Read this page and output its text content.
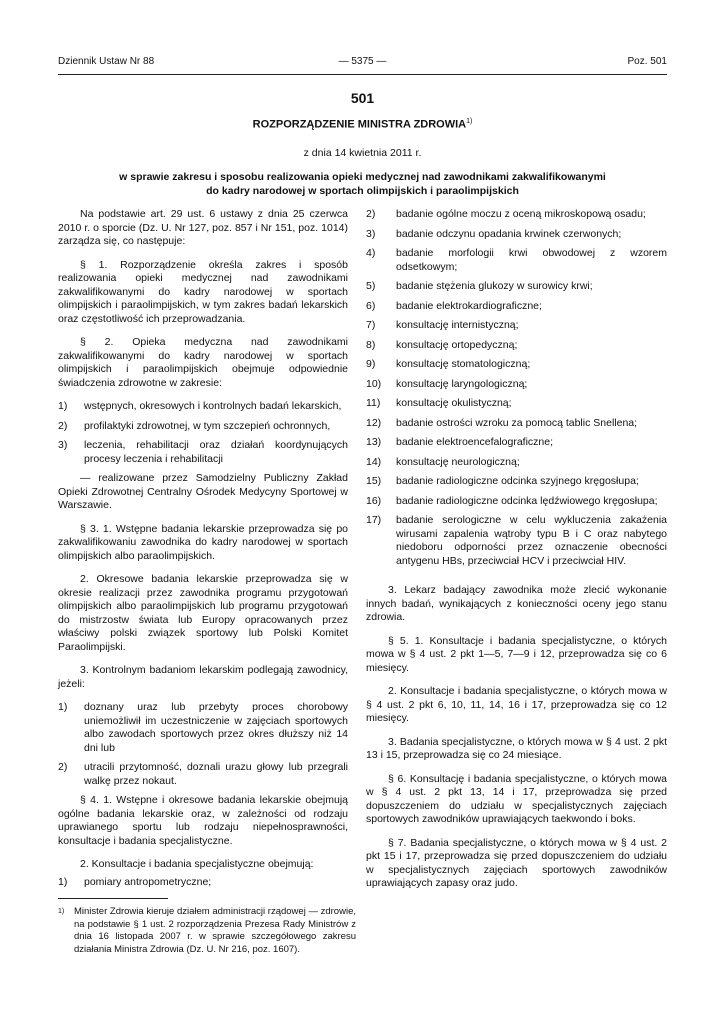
Dziennik Ustaw Nr 88	— 5375 —	Poz. 501
501
ROZPORZĄDZENIE MINISTRA ZDROWIA$^{1)}$
z dnia 14 kwietnia 2011 r.
w sprawie zakresu i sposobu realizowania opieki medycznej nad zawodnikami zakwalifikowanymi
do kadry narodowej w sportach olimpijskich i paraolimpijskich

Na podstawie art. 29 ust. 6 ustawy z dnia 25 czerwca 2010 r. o sporcie (Dz. U. Nr 127, poz. 857 i Nr 151, poz. 1014) zarządza się, co następuje:

§ 1. Rozporządzenie określa zakres i sposób realizowania opieki medycznej nad zawodnikami zakwalifikowanymi do kadry narodowej w sportach olimpijskich i paraolimpijskich, w tym zakres badań lekarskich oraz częstotliwość ich przeprowadzania.

§ 2. Opieka medyczna nad zawodnikami zakwalifikowanymi do kadry narodowej w sportach olimpijskich i paraolimpijskich obejmuje odpowiednie świadczenia zdrowotne w zakresie:

1)	wstępnych, okresowych i kontrolnych badań lekarskich,
2)	profilaktyki zdrowotnej, w tym szczepień ochronnych,
3)	leczenia, rehabilitacji oraz działań koordynujących procesy leczenia i rehabilitacji

— realizowane przez Samodzielny Publiczny Zakład Opieki Zdrowotnej Centralny Ośrodek Medycyny Sportowej w Warszawie.

§ 3. 1. Wstępne badania lekarskie przeprowadza się po zakwalifikowaniu zawodnika do kadry narodowej w sportach olimpijskich albo paraolimpijskich.

2. Okresowe badania lekarskie przeprowadza się w okresie realizacji przez zawodnika programu przygotowań olimpijskich albo paraolimpijskich lub programu przygotowań do mistrzostw świata lub Europy opracowanych przez właściwy polski związek sportowy lub Polski Komitet Paraolimpijski.

3. Kontrolnym badaniom lekarskim podlegają zawodnicy, jeżeli:

1)	doznany uraz lub przebyty proces chorobowy uniemożliwił im uczestniczenie w zajęciach sportowych albo zawodach sportowych przez okres dłuższy niż 14 dni lub
2)	utracili przytomność, doznali urazu głowy lub przegrali walkę przez nokaut.

§ 4. 1. Wstępne i okresowe badania lekarskie obejmują ogólne badania lekarskie oraz, w zależności od rodzaju uprawianego sportu lub rodzaju niepełnosprawności, konsultacje i badania specjalistyczne.

2. Konsultacje i badania specjalistyczne obejmują:

1)	pomiary antropometryczne;
2)	badanie ogólne moczu z oceną mikroskopową osadu;
3)	badanie odczynu opadania krwinek czerwonych;
4)	badanie morfologii krwi obwodowej z wzorem odsetkowym;
5)	badanie stężenia glukozy w surowicy krwi;
6)	badanie elektrokardiograficzne;
7)	konsultację internistyczną;
8)	konsultację ortopedyczną;
9)	konsultację stomatologiczną;
10)	konsultację laryngologiczną;
11)	konsultację okulistyczną;
12)	badanie ostrości wzroku za pomocą tablic Snellena;
13)	badanie elektroencefalograficzne;
14)	konsultację neurologiczną;
15)	badanie radiologiczne odcinka szyjnego kręgosłupa;
16)	badanie radiologiczne odcinka lędźwiowego kręgosłupa;
17)	badanie serologiczne w celu wykluczenia zakażenia wirusami zapalenia wątroby typu B i C oraz nabytego niedoboru odporności przez oznaczenie obecności antygenu HBs, przeciwciał HCV i przeciwciał HIV.

3. Lekarz badający zawodnika może zlecić wykonanie innych badań, wynikających z konieczności oceny jego stanu zdrowia.

§ 5. 1. Konsultacje i badania specjalistyczne, o których mowa w § 4 ust. 2 pkt 1—5, 7—9 i 12, przeprowadza się co 6 miesięcy.

2. Konsultacje i badania specjalistyczne, o których mowa w § 4 ust. 2 pkt 6, 10, 11, 14, 16 i 17, przeprowadza się co 12 miesięcy.

3. Badania specjalistyczne, o których mowa w § 4 ust. 2 pkt 13 i 15, przeprowadza się co 24 miesiące.

§ 6. Konsultację i badania specjalistyczne, o których mowa w § 4 ust. 2 pkt 13, 14 i 17, przeprowadza się przed dopuszczeniem do udziału w specjalistycznych zajęciach sportowych zawodników uprawiających taekwondo i boks.

§ 7. Badania specjalistyczne, o których mowa w § 4 ust. 2 pkt 15 i 17, przeprowadza się przed dopuszczeniem do udziału w specjalistycznych zajęciach sportowych zawodników uprawiających zapasy oraz judo.

1)	Minister Zdrowia kieruje działem administracji rządowej — zdrowie, na podstawie § 1 ust. 2 rozporządzenia Prezesa Rady Ministrów z dnia 16 listopada 2007 r. w sprawie szczegółowego zakresu działania Ministra Zdrowia (Dz. U. Nr 216, poz. 1607).
